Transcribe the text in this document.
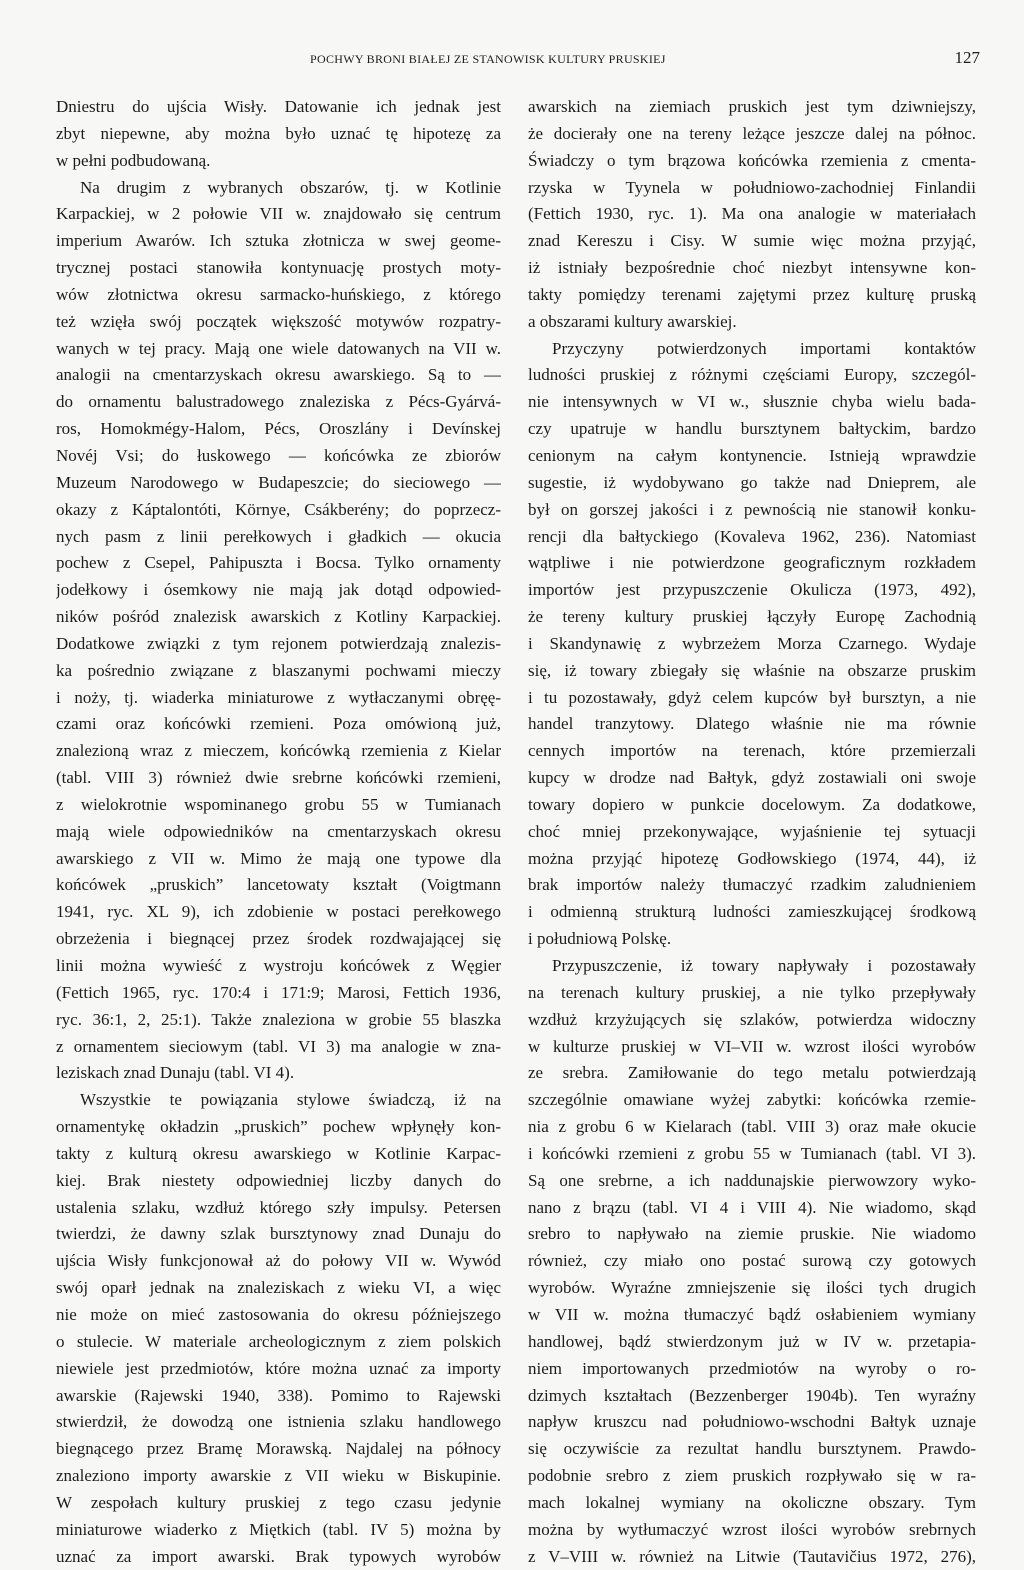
POCHWY BRONI BIAŁEJ ZE STANOWISK KULTURY PRUSKIEJ	127
Dniestru do ujścia Wisły. Datowanie ich jednak jest
zbyt niepewne, aby można było uznać tę hipotezę za
w pełni podbudowaną.
Na drugim z wybranych obszarów, tj. w Kotlinie
Karpackiej, w 2 połowie VII w. znajdowało się centrum
imperium Awarów. Ich sztuka złotnicza w swej geome-
trycznej postaci stanowiła kontynuację prostych moty-
wów złotnictwa okresu sarmacko-huńskiego, z którego
też wzięła swój początek większość motywów rozpatry-
wanych w tej pracy. Mają one wiele datowanych na VII w.
analogii na cmentarzyskach okresu awarskiego. Są to —
do ornamentu balustradowego znaleziska z Pécs-Gyárvá-
ros, Homokmégy-Halom, Pécs, Oroszlány i Devínskej
Novéj Vsi; do łuskowego — końcówka ze zbiorów
Muzeum Narodowego w Budapeszcie; do sieciowego —
okazy z Káptalontóti, Környe, Csákberény; do poprzecz-
nych pasm z linii perełkowych i gładkich — okucia
pochew z Csepel, Pahipuszta i Bocsa. Tylko ornamenty
jodełkowy i ósemkowy nie mają jak dotąd odpowied-
ników pośród znalezisk awarskich z Kotliny Karpackiej.
Dodatkowe związki z tym rejonem potwierdzają znalezis-
ka pośrednio związane z blaszanymi pochwami mieczy
i noży, tj. wiaderka miniaturowe z wytłaczanymi obręę-
czami oraz końcówki rzemieni. Poza omówioną już,
znalezioną wraz z mieczem, końcówką rzemienia z Kielar
(tabl. VIII 3) również dwie srebrne końcówki rzemieni,
z wielokrotnie wspominanego grobu 55 w Tumianach
mają wiele odpowiedników na cmentarzyskach okresu
awarskiego z VII w. Mimo że mają one typowe dla
końcówek „pruskich” lancetowaty kształt (Voigtmann
1941, ryc. XL 9), ich zdobienie w postaci perełkowego
obrzeżenia i biegnącej przez środek rozdwajającej się
linii można wywieść z wystroju końcówek z Węgier
(Fettich 1965, ryc. 170:4 i 171:9; Marosi, Fettich 1936,
ryc. 36:1, 2, 25:1). Także znaleziona w grobie 55 blaszka
z ornamentem sieciowym (tabl. VI 3) ma analogie w zna-
leziskach znad Dunaju (tabl. VI 4).
Wszystkie te powiązania stylowe świadczą, iż na
ornamentykę okładzin „pruskich” pochew wpłynęły kon-
takty z kulturą okresu awarskiego w Kotlinie Karpac-
kiej. Brak niestety odpowiedniej liczby danych do
ustalenia szlaku, wzdłuż którego szły impulsy. Petersen
twierdzi, że dawny szlak bursztynowy znad Dunaju do
ujścia Wisły funkcjonował aż do połowy VII w. Wywód
swój oparł jednak na znaleziskach z wieku VI, a więc
nie może on mieć zastosowania do okresu późniejszego
o stulecie. W materiale archeologicznym z ziem polskich
niewiele jest przedmiotów, które można uznać za importy
awarskie (Rajewski 1940, 338). Pomimo to Rajewski
stwierdził, że dowodzą one istnienia szlaku handlowego
biegnącego przez Bramę Morawską. Najdalej na północy
znaleziono importy awarskie z VII wieku w Biskupinie.
W zespołach kultury pruskiej z tego czasu jedynie
miniaturowe wiaderko z Miętkich (tabl. IV 5) można by
uznać za import awarski. Brak typowych wyrobów
awarskich na ziemiach pruskich jest tym dziwniejszy,
że docierały one na tereny leżące jeszcze dalej na północ.
Świadczy o tym brązowa końcówka rzemienia z cmenta-
rzyska w Tyynela w południowo-zachodniej Finlandii
(Fettich 1930, ryc. 1). Ma ona analogie w materiałach
znad Kereszu i Cisy. W sumie więc można przyjąć,
iż istniały bezpośrednie choć niezbyt intensywne kon-
takty pomiędzy terenami zajętymi przez kulturę pruską
a obszarami kultury awarskiej.
Przyczyny potwierdzonych importami kontaktów
ludności pruskiej z różnymi częściami Europy, szczegól-
nie intensywnych w VI w., słusznie chyba wielu bada-
czy upatruje w handlu bursztynem bałtyckim, bardzo
cenionym na całym kontynencie. Istnieją wprawdzie
sugestie, iż wydobywano go także nad Dnieprem, ale
był on gorszej jakości i z pewnością nie stanowił konku-
rencji dla bałtyckiego (Kovaleva 1962, 236). Natomiast
wątpliwe i nie potwierdzone geograficznym rozkładem
importów jest przypuszczenie Okulicza (1973, 492),
że tereny kultury pruskiej łączyły Europę Zachodnią
i Skandynawię z wybrzeżem Morza Czarnego. Wydaje
się, iż towary zbiegały się właśnie na obszarze pruskim
i tu pozostawały, gdyż celem kupców był bursztyn, a nie
handel tranzytowy. Dlatego właśnie nie ma równie
cennych importów na terenach, które przemierzali
kupcy w drodze nad Bałtyk, gdyż zostawiali oni swoje
towary dopiero w punkcie docelowym. Za dodatkowe,
choć mniej przekonywające, wyjaśnienie tej sytuacji
można przyjąć hipotezę Godłowskiego (1974, 44), iż
brak importów należy tłumaczyć rzadkim zaludnieniem
i odmienną strukturą ludności zamieszkującej środkową
i południową Polskę.
Przypuszczenie, iż towary napływały i pozostawały
na terenach kultury pruskiej, a nie tylko przepływały
wzdłuż krzyżujących się szlaków, potwierdza widoczny
w kulturze pruskiej w VI–VII w. wzrost ilości wyrobów
ze srebra. Zamiłowanie do tego metalu potwierdzają
szczególnie omawiane wyżej zabytki: końcówka rzemie-
nia z grobu 6 w Kielarach (tabl. VIII 3) oraz małe okucie
i końcówki rzemieni z grobu 55 w Tumianach (tabl. VI 3).
Są one srebrne, a ich naddunajskie pierwowzory wyko-
nano z brązu (tabl. VI 4 i VIII 4). Nie wiadomo, skąd
srebro to napływało na ziemie pruskie. Nie wiadomo
również, czy miało ono postać surową czy gotowych
wyrobów. Wyraźne zmniejszenie się ilości tych drugich
w VII w. można tłumaczyć bądź osłabieniem wymiany
handlowej, bądź stwierdzonym już w IV w. przetapia-
niem importowanych przedmiotów na wyroby o ro-
dzimych kształtach (Bezzenberger 1904b). Ten wyraźny
napływ kruszcu nad południowo-wschodni Bałtyk uznaje
się oczywiście za rezultat handlu bursztynem. Prawdo-
podobnie srebro z ziem pruskich rozpływało się w ra-
mach lokalnej wymiany na okoliczne obszary. Tym
można by wytłumaczyć wzrost ilości wyrobów srebrnych
z V–VIII w. również na Litwie (Tautavičius 1972, 276),
